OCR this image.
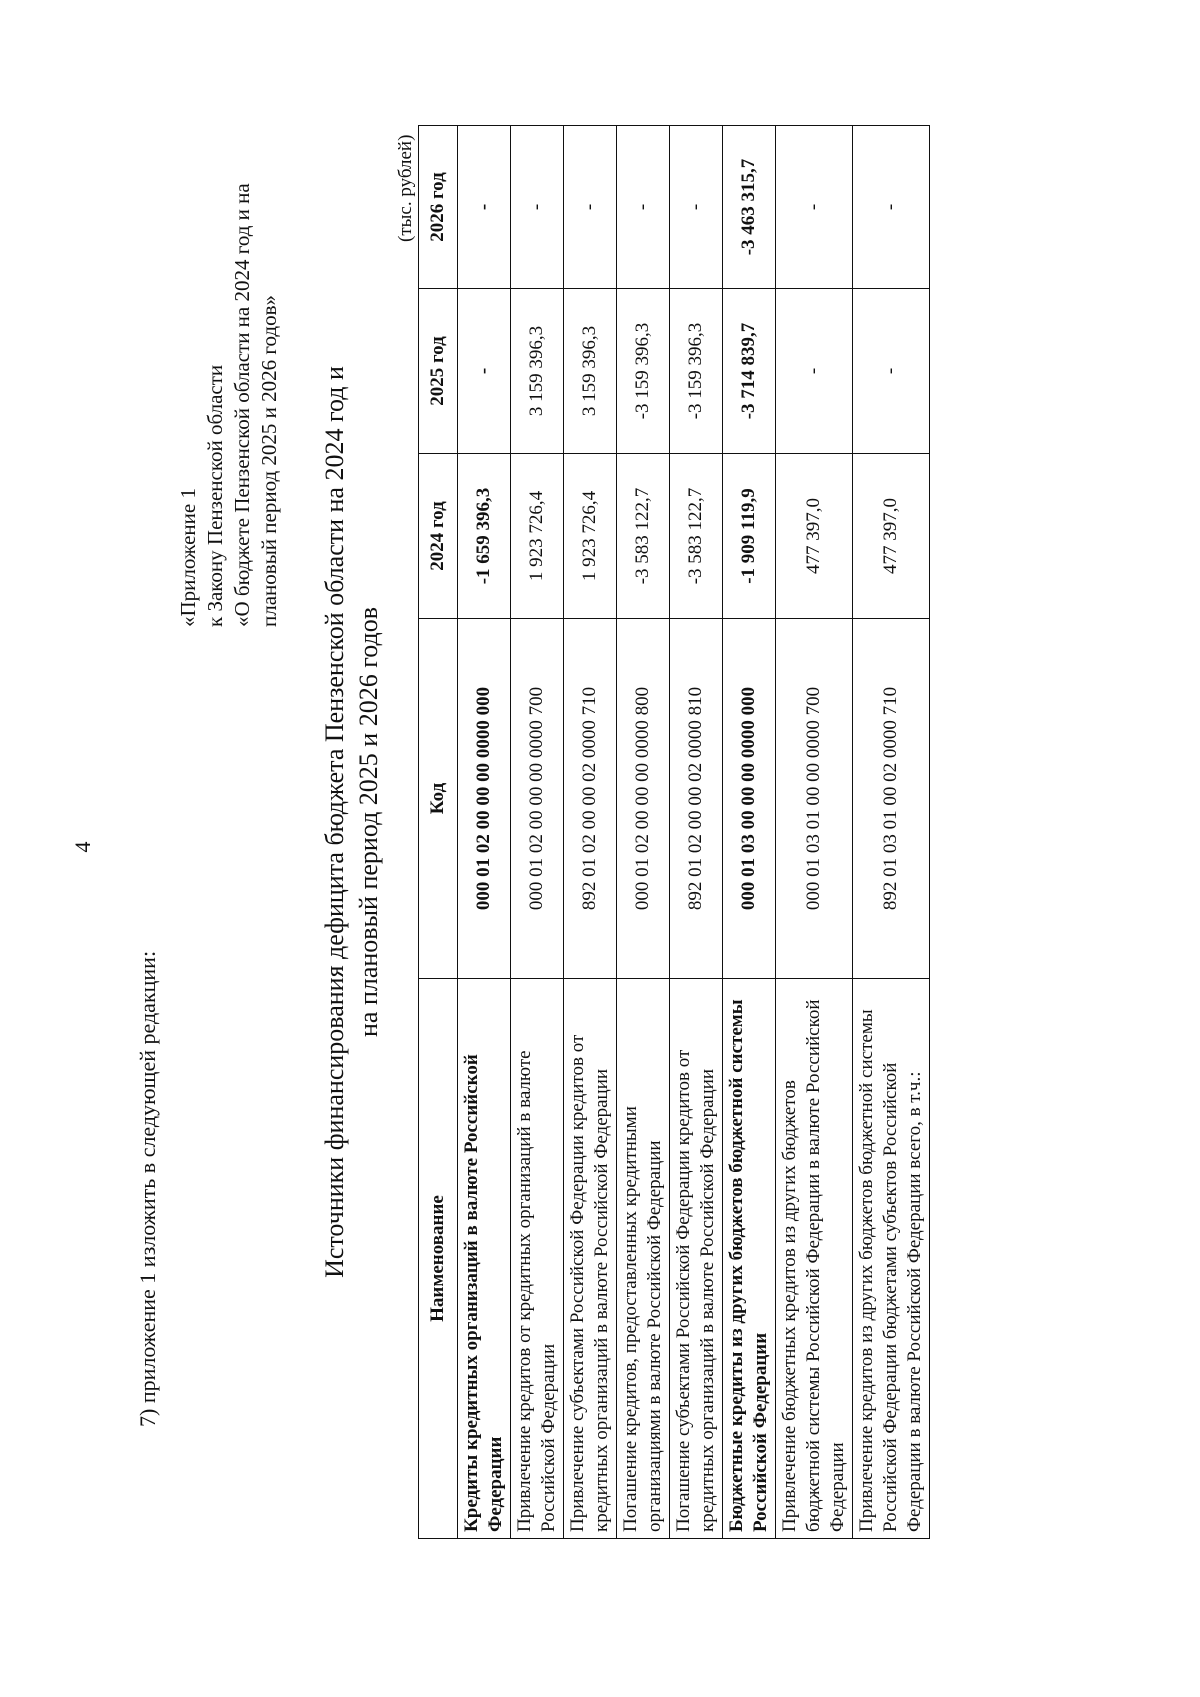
4
7) приложение 1 изложить в следующей редакции:
«Приложение 1 к Закону Пензенской области «О бюджете Пензенской области на 2024 год и на плановый период 2025 и 2026 годов» Источники финансирования дефицита бюджета Пензенской области на 2024 год и на плановый период 2025 и 2026 годов
(тыс. рублей)
Наименование	Код	2024 год	2025 год	2026 год
Кредиты кредитных организаций в валюте Российской Федерации	000 01 02 00 00 00 0000 000	-1 659 396,3	-	-
Привлечение кредитов от кредитных организаций в валюте Российской Федерации	000 01 02 00 00 00 0000 700	1 923 726,4	3 159 396,3	-
Привлечение субъектами Российской Федерации кредитов от кредитных организаций в валюте Российской Федерации	892 01 02 00 00 02 0000 710	1 923 726,4	3 159 396,3	-
Погашение кредитов, предоставленных кредитными организациями в валюте Российской Федерации	000 01 02 00 00 00 0000 800	-3 583 122,7	-3 159 396,3	-
Погашение субъектами Российской Федерации кредитов от кредитных организаций в валюте Российской Федерации	892 01 02 00 00 02 0000 810	-3 583 122,7	-3 159 396,3	-
Бюджетные кредиты из других бюджетов бюджетной системы Российской Федерации	000 01 03 00 00 00 0000 000	-1 909 119,9	-3 714 839,7	-3 463 315,7
Привлечение бюджетных кредитов из других бюджетов бюджетной системы Российской Федерации в валюте Российской Федерации	000 01 03 01 00 00 0000 700	477 397,0	-	-
Привлечение кредитов из других бюджетов бюджетной системы Российской Федерации бюджетами субъектов Российской Федерации в валюте Российской Федерации всего, в т.ч.:	892 01 03 01 00 02 0000 710	477 397,0	-	-
